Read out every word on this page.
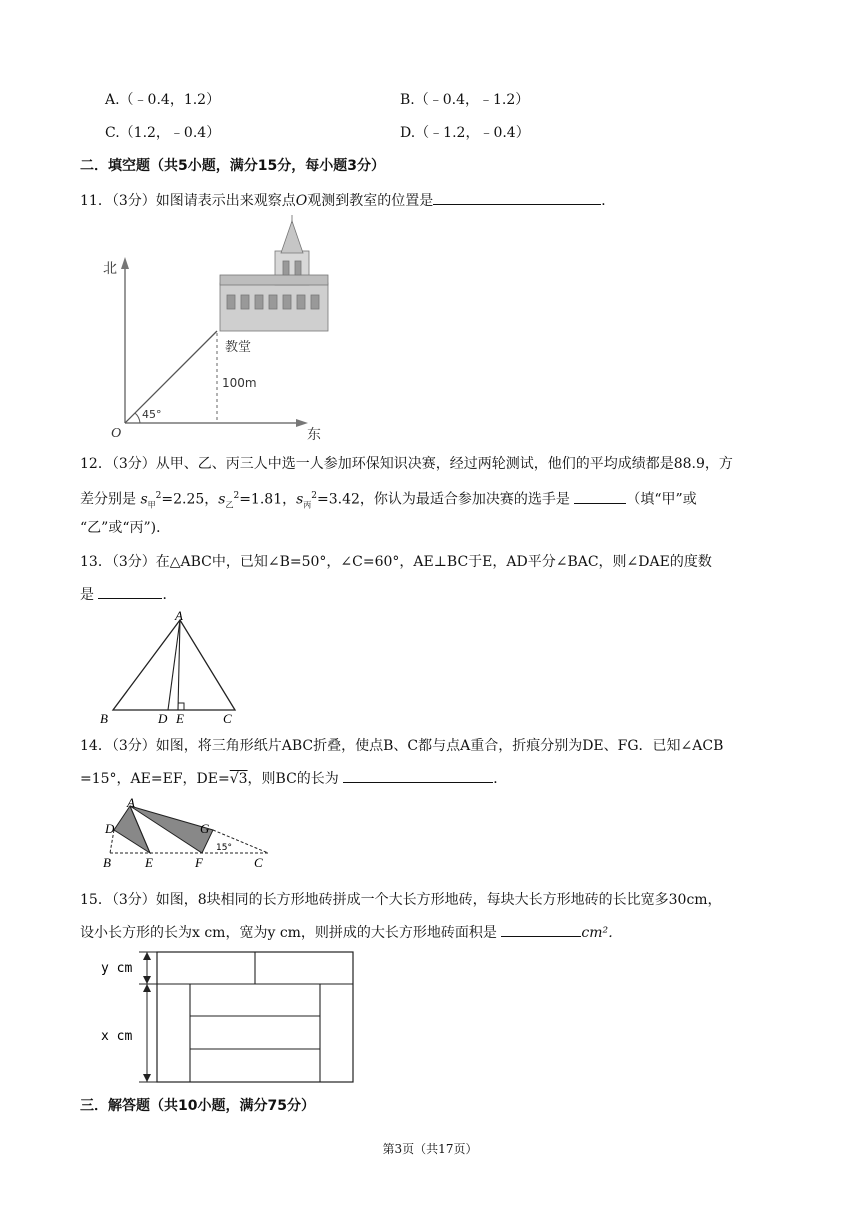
A.（﹣0.4，1.2）	B.（﹣0.4，﹣1.2）
C.（1.2，﹣0.4）	D.（﹣1.2，﹣0.4）
二．填空题（共5小题，满分15分，每小题3分）
11．（3分）如图请表示出来观察点O观测到教室的位置是	．
北
东
O
45°
教堂
100m
12．（3分）从甲、乙、丙三人中选一人参加环保知识决赛，经过两轮测试，他们的平均成绩都是88.9，方
差分别是 $s_甲^2=2.25$，$s_乙^2=1.81$，$s_丙^2=3.42$，你认为最适合参加决赛的选手是	（填“甲”或
“乙”或“丙”)．
13．（3分）在△ABC中，已知∠B=50°，∠C=60°，AE⊥BC于E，AD平分∠BAC，则∠DAE的度数
是	．
A
B	C
D E
14．（3分）如图，将三角形纸片ABC折叠，使点B、C都与点A重合，折痕分别为DE、FG．已知∠ACB
=15°，AE=EF，DE=√3，则BC的长为	．
A
D	G
B	E	F	C
15°
15．（3分）如图，8块相同的长方形地砖拼成一个大长方形地砖，每块大长方形地砖的长比宽多30cm，
设小长方形的长为x cm，宽为y cm，则拼成的大长方形地砖面积是	cm²．
y cm
x cm
三．解答题（共10小题，满分75分）
第3页（共17页）
